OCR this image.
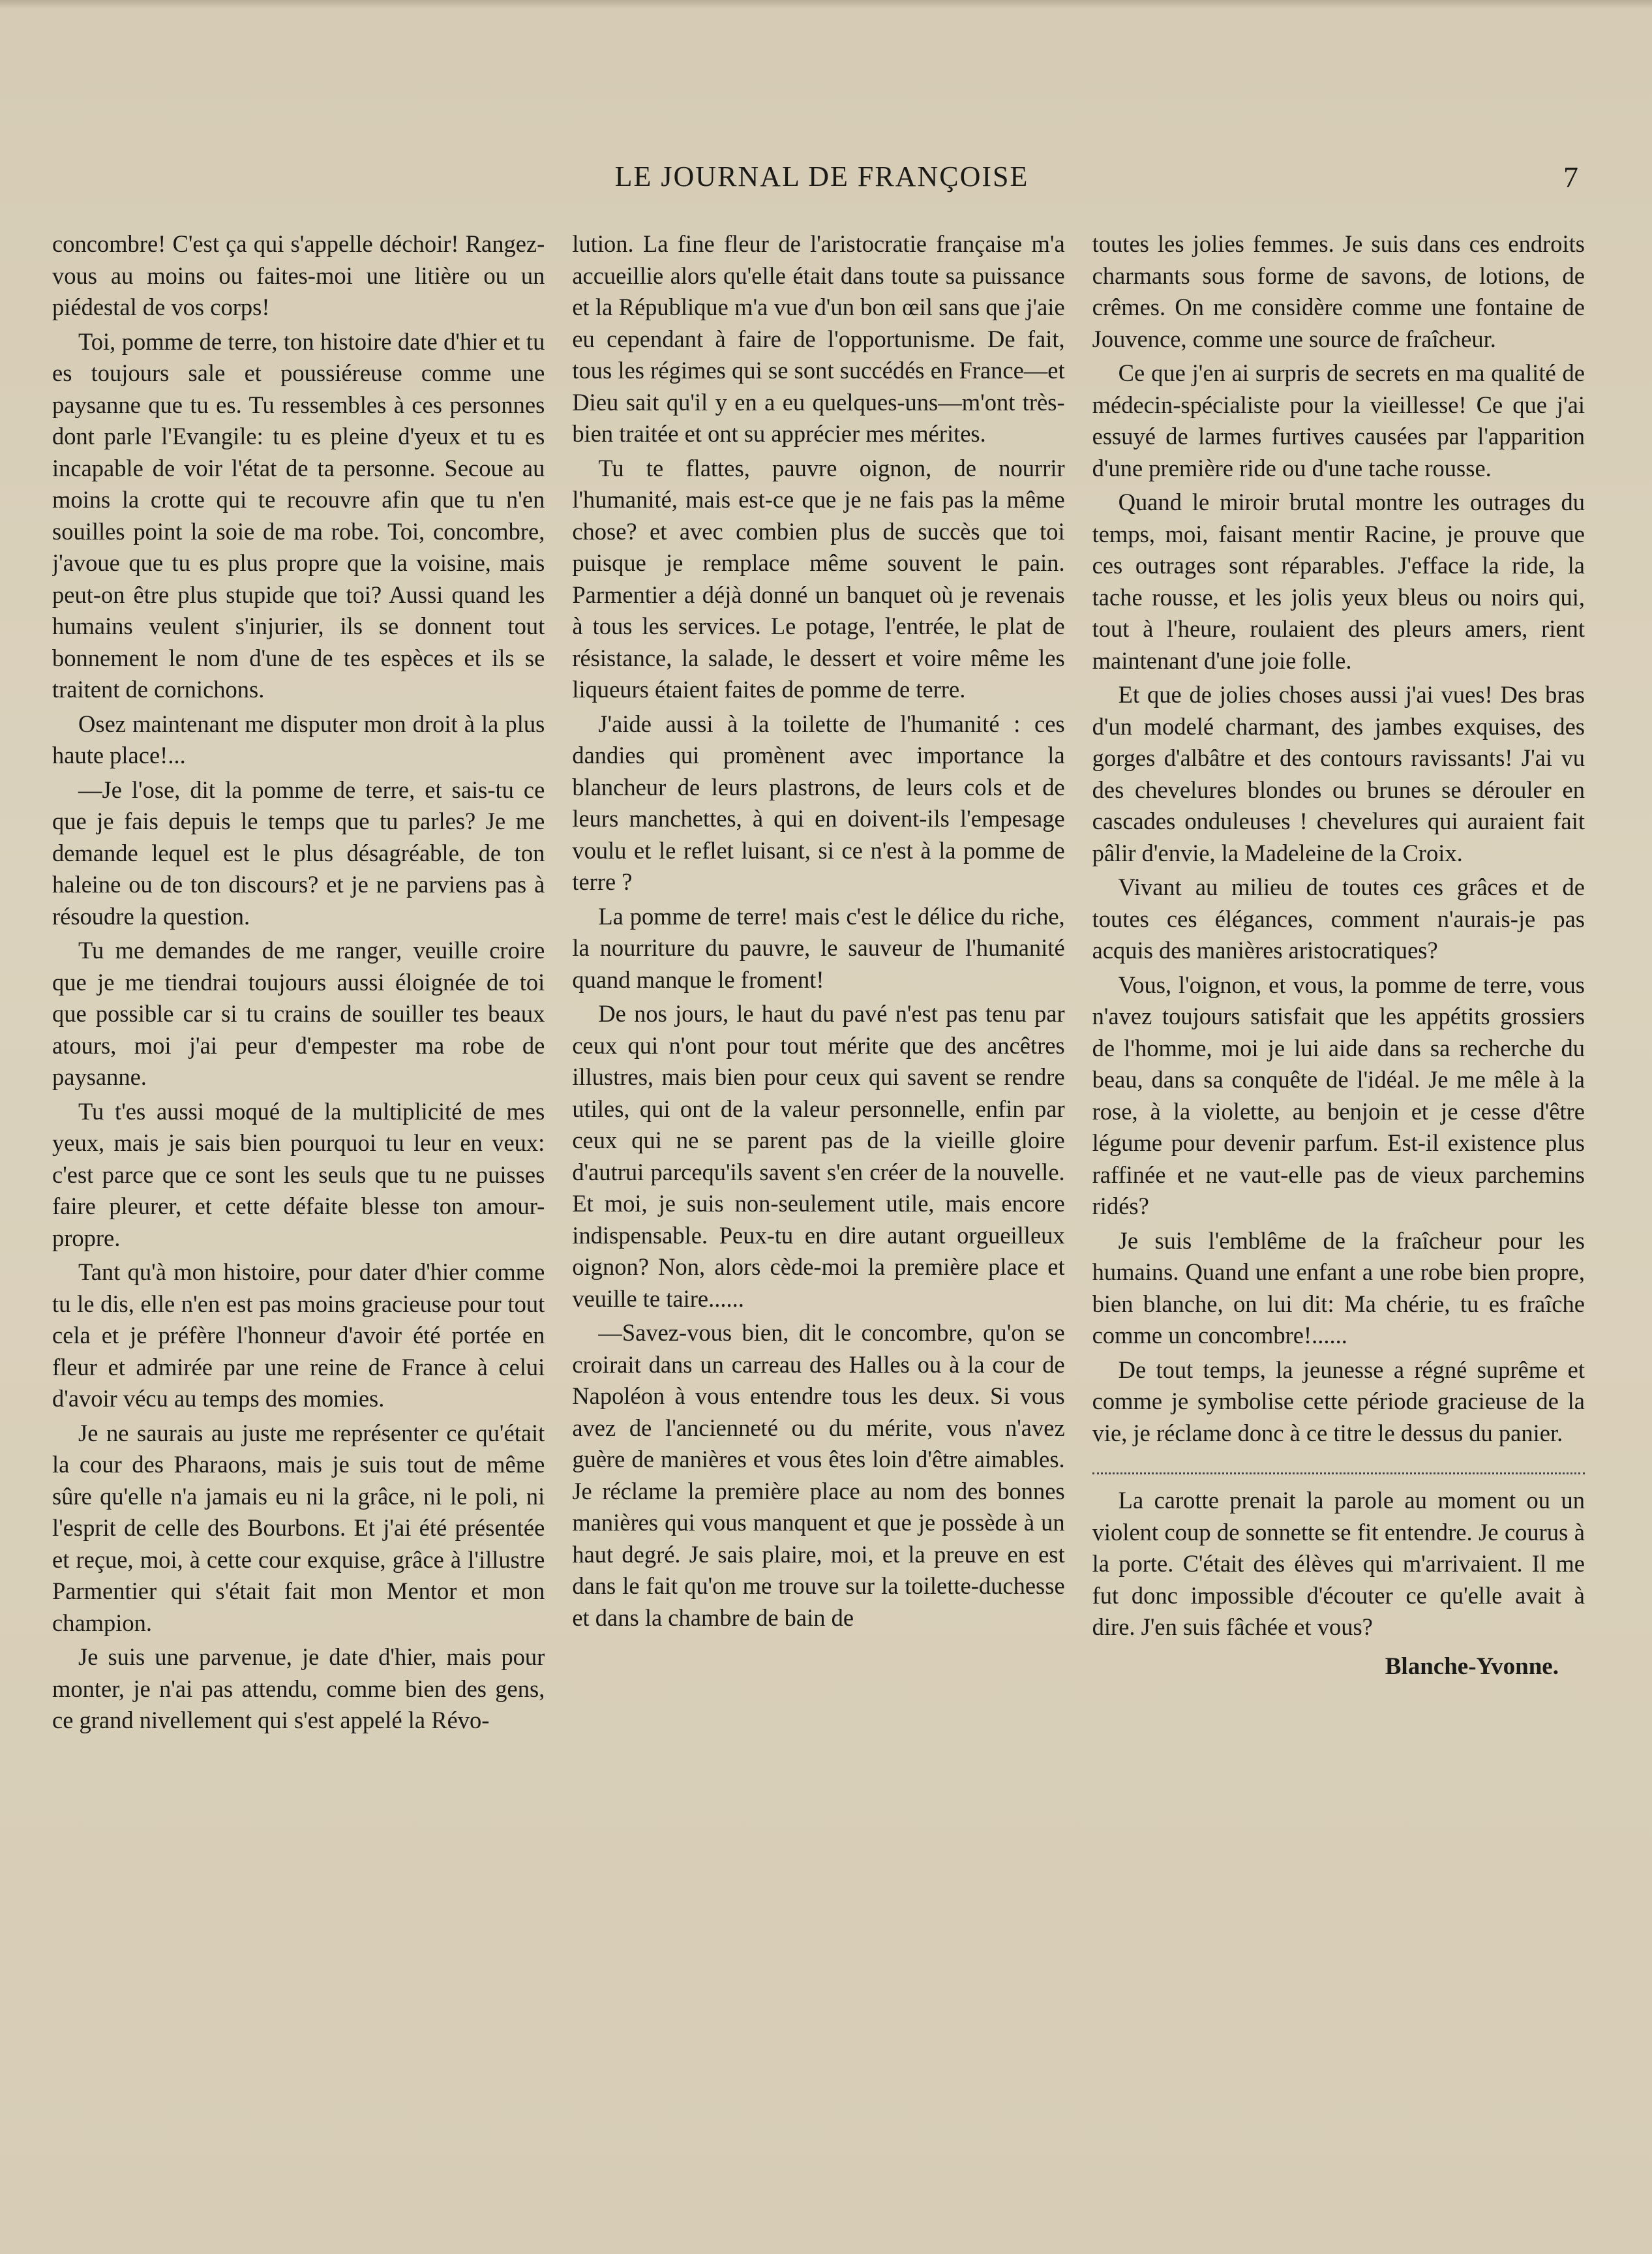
LE JOURNAL DE FRANÇOISE	7

concombre! C'est ça qui s'appelle déchoir! Rangez-vous au moins ou faites-moi une litière ou un piédestal de vos corps!

Toi, pomme de terre, ton histoire date d'hier et tu es toujours sale et poussiéreuse comme une paysanne que tu es. Tu ressembles à ces personnes dont parle l'Evangile: tu es pleine d'yeux et tu es incapable de voir l'état de ta personne. Secoue au moins la crotte qui te recouvre afin que tu n'en souilles point la soie de ma robe. Toi, concombre, j'avoue que tu es plus propre que la voisine, mais peut-on être plus stupide que toi? Aussi quand les humains veulent s'injurier, ils se donnent tout bonnement le nom d'une de tes espèces et ils se traitent de cornichons.

Osez maintenant me disputer mon droit à la plus haute place!...

—Je l'ose, dit la pomme de terre, et sais-tu ce que je fais depuis le temps que tu parles? Je me demande lequel est le plus désagréable, de ton haleine ou de ton discours? et je ne parviens pas à résoudre la question.

Tu me demandes de me ranger, veuille croire que je me tiendrai toujours aussi éloignée de toi que possible car si tu crains de souiller tes beaux atours, moi j'ai peur d'empester ma robe de paysanne.

Tu t'es aussi moqué de la multiplicité de mes yeux, mais je sais bien pourquoi tu leur en veux: c'est parce que ce sont les seuls que tu ne puisses faire pleurer, et cette défaite blesse ton amour-propre.

Tant qu'à mon histoire, pour dater d'hier comme tu le dis, elle n'en est pas moins gracieuse pour tout cela et je préfère l'honneur d'avoir été portée en fleur et admirée par une reine de France à celui d'avoir vécu au temps des momies.

Je ne saurais au juste me représenter ce qu'était la cour des Pharaons, mais je suis tout de même sûre qu'elle n'a jamais eu ni la grâce, ni le poli, ni l'esprit de celle des Bourbons. Et j'ai été présentée et reçue, moi, à cette cour exquise, grâce à l'illustre Parmentier qui s'était fait mon Mentor et mon champion.

Je suis une parvenue, je date d'hier, mais pour monter, je n'ai pas attendu, comme bien des gens, ce grand nivellement qui s'est appelé la Révo-

lution. La fine fleur de l'aristocratie française m'a accueillie alors qu'elle était dans toute sa puissance et la République m'a vue d'un bon œil sans que j'aie eu cependant à faire de l'opportunisme. De fait, tous les régimes qui se sont succédés en France—et Dieu sait qu'il y en a eu quelques-uns—m'ont très-bien traitée et ont su apprécier mes mérites.

Tu te flattes, pauvre oignon, de nourrir l'humanité, mais est-ce que je ne fais pas la même chose? et avec combien plus de succès que toi puisque je remplace même souvent le pain. Parmentier a déjà donné un banquet où je revenais à tous les services. Le potage, l'entrée, le plat de résistance, la salade, le dessert et voire même les liqueurs étaient faites de pomme de terre.

J'aide aussi à la toilette de l'humanité : ces dandies qui promènent avec importance la blancheur de leurs plastrons, de leurs cols et de leurs manchettes, à qui en doivent-ils l'empesage voulu et le reflet luisant, si ce n'est à la pomme de terre ?

La pomme de terre! mais c'est le délice du riche, la nourriture du pauvre, le sauveur de l'humanité quand manque le froment!

De nos jours, le haut du pavé n'est pas tenu par ceux qui n'ont pour tout mérite que des ancêtres illustres, mais bien pour ceux qui savent se rendre utiles, qui ont de la valeur personnelle, enfin par ceux qui ne se parent pas de la vieille gloire d'autrui parcequ'ils savent s'en créer de la nouvelle. Et moi, je suis non-seulement utile, mais encore indispensable. Peux-tu en dire autant orgueilleux oignon? Non, alors cède-moi la première place et veuille te taire......

—Savez-vous bien, dit le concombre, qu'on se croirait dans un carreau des Halles ou à la cour de Napoléon à vous entendre tous les deux. Si vous avez de l'ancienneté ou du mérite, vous n'avez guère de manières et vous êtes loin d'être aimables. Je réclame la première place au nom des bonnes manières qui vous manquent et que je possède à un haut degré. Je sais plaire, moi, et la preuve en est dans le fait qu'on me trouve sur la toilette-duchesse et dans la chambre de bain de

toutes les jolies femmes. Je suis dans ces endroits charmants sous forme de savons, de lotions, de crêmes. On me considère comme une fontaine de Jouvence, comme une source de fraîcheur.

Ce que j'en ai surpris de secrets en ma qualité de médecin-spécialiste pour la vieillesse! Ce que j'ai essuyé de larmes furtives causées par l'apparition d'une première ride ou d'une tache rousse.

Quand le miroir brutal montre les outrages du temps, moi, faisant mentir Racine, je prouve que ces outrages sont réparables. J'efface la ride, la tache rousse, et les jolis yeux bleus ou noirs qui, tout à l'heure, roulaient des pleurs amers, rient maintenant d'une joie folle.

Et que de jolies choses aussi j'ai vues! Des bras d'un modelé charmant, des jambes exquises, des gorges d'albâtre et des contours ravissants! J'ai vu des chevelures blondes ou brunes se dérouler en cascades onduleuses ! chevelures qui auraient fait pâlir d'envie, la Madeleine de la Croix.

Vivant au milieu de toutes ces grâces et de toutes ces élégances, comment n'aurais-je pas acquis des manières aristocratiques?

Vous, l'oignon, et vous, la pomme de terre, vous n'avez toujours satisfait que les appétits grossiers de l'homme, moi je lui aide dans sa recherche du beau, dans sa conquête de l'idéal. Je me mêle à la rose, à la violette, au benjoin et je cesse d'être légume pour devenir parfum. Est-il existence plus raffinée et ne vaut-elle pas de vieux parchemins ridés?

Je suis l'emblême de la fraîcheur pour les humains. Quand une enfant a une robe bien propre, bien blanche, on lui dit: Ma chérie, tu es fraîche comme un concombre!......

De tout temps, la jeunesse a régné suprême et comme je symbolise cette période gracieuse de la vie, je réclame donc à ce titre le dessus du panier.

La carotte prenait la parole au moment ou un violent coup de sonnette se fit entendre. Je courus à la porte. C'était des élèves qui m'arrivaient. Il me fut donc impossible d'écouter ce qu'elle avait à dire. J'en suis fâchée et vous?

Blanche-Yvonne.
